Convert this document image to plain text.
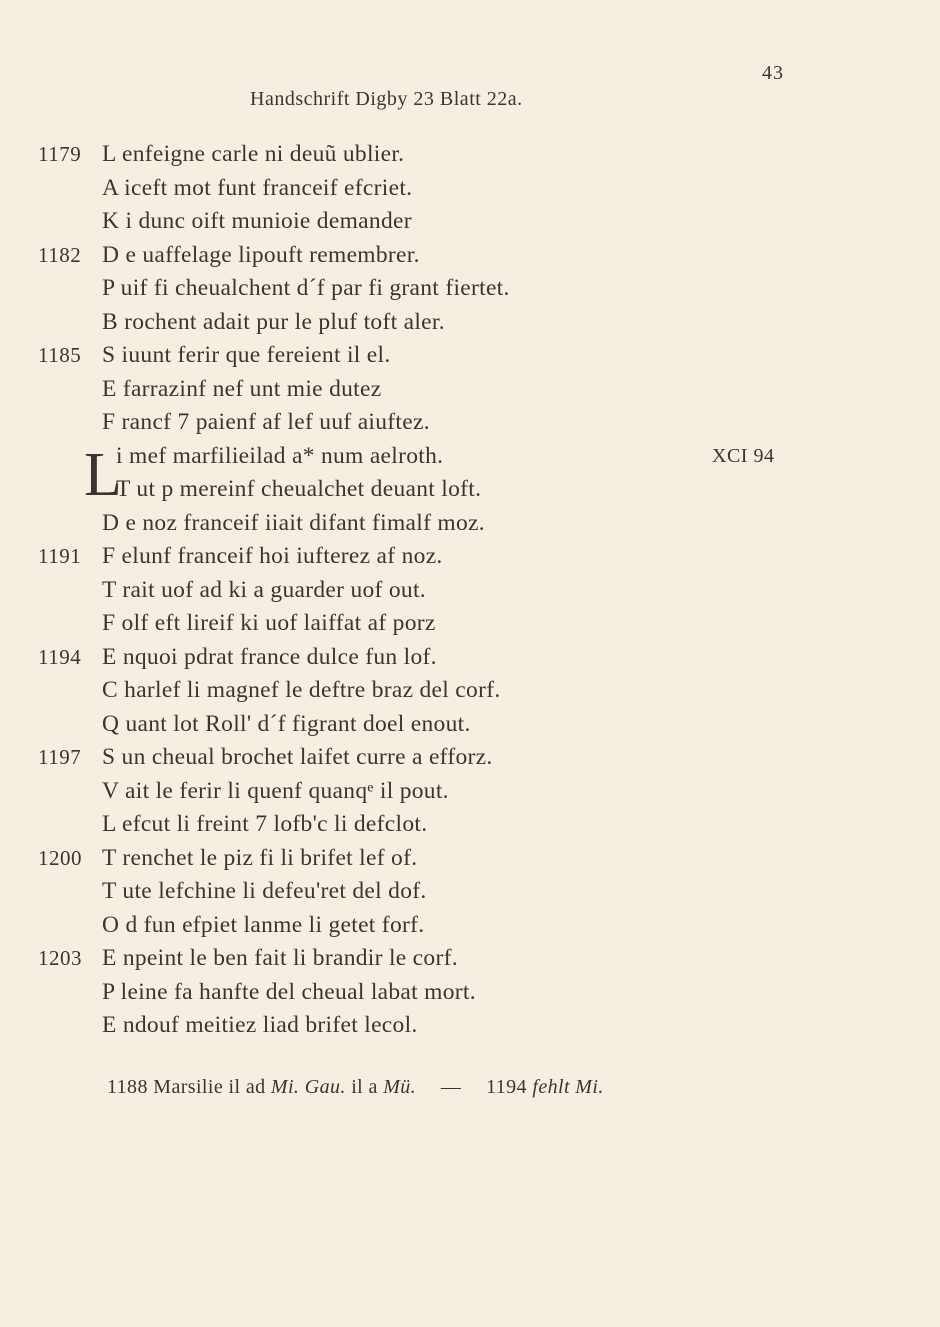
43
Handschrift Digby 23 Blatt 22a.
1179 L enfeigne carle ni deuũ ublier.
A iceft mot funt franceif efcriet.
K i dunc oift munioie demander
1182 D e uaffelage lipouft remembrer.
P uif fi cheualchent dˊf par fi grant fiertet.
B rochent adait pur le pluf toft aler.
1185 S iuunt ferir que fereient il el.
E farrazinf nef unt mie dutez
F rancf 7 paienf af lef uuf aiuftez.
L
i mef marfilieilad a* num aelroth.	XCI 94
T ut p mereinf cheualchet deuant loft.
D e noz franceif iiait difant fimalf moz.
1191 F elunf franceif hoi iufterez af noz.
T rait uof ad ki a guarder uof out.
F olf eft lireif ki uof laiffat af porz
1194 E nquoi pdrat france dulce fun lof.
C harlef li magnef le deftre braz del corf.
Q uant lot Roll' dˊf figrant doel enout.
1197 S un cheual brochet laifet curre a efforz.
V ait le ferir li quenf quanqᵉ il pout.
L efcut li freint 7 lofb'c li defclot.
1200 T renchet le piz fi li brifet lef of.
T ute lefchine li defeu'ret del dof.
O d fun efpiet lanme li getet forf.
1203 E npeint le ben fait li brandir le corf.
P leine fa hanfte del cheual labat mort.
E ndouf meitiez liad brifet lecol.
1188 Marsilie il ad Mi. Gau. il a Mü. — 1194 fehlt Mi.
